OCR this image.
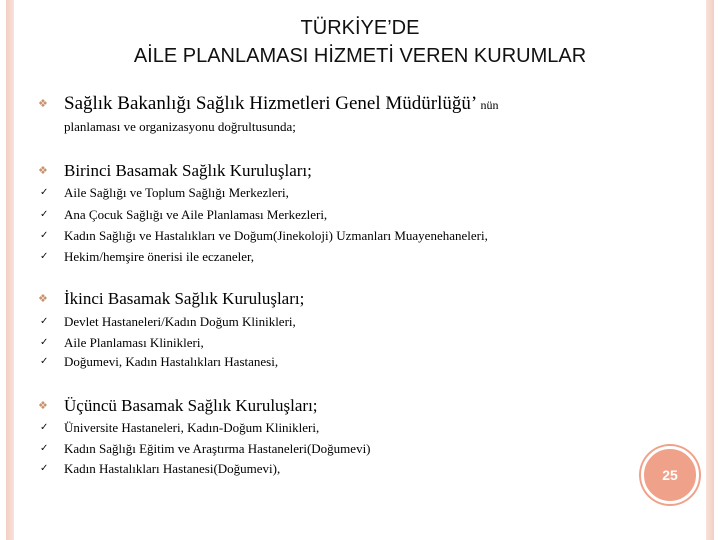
TÜRKİYE’DE
AİLE PLANLAMASI HİZMETİ VEREN KURUMLAR
❖ Sağlık Bakanlığı Sağlık Hizmetleri Genel Müdürlüğü’ nün
planlaması ve organizasyonu doğrultusunda;
❖ Birinci Basamak Sağlık Kuruluşları;
✓ Aile Sağlığı ve Toplum Sağlığı Merkezleri,
✓ Ana Çocuk Sağlığı ve Aile Planlaması Merkezleri,
✓ Kadın Sağlığı ve Hastalıkları ve Doğum(Jinekoloji) Uzmanları Muayenehaneleri,
✓ Hekim/hemşire önerisi ile eczaneler,
❖ İkinci Basamak Sağlık Kuruluşları;
✓ Devlet Hastaneleri/Kadın Doğum Klinikleri,
✓ Aile Planlaması Klinikleri,
✓ Doğumevi, Kadın Hastalıkları Hastanesi,
❖ Üçüncü Basamak Sağlık Kuruluşları;
✓ Üniversite Hastaneleri, Kadın-Doğum Klinikleri,
✓ Kadın Sağlığı Eğitim ve Araştırma Hastaneleri(Doğumevi)
✓ Kadın Hastalıkları Hastanesi(Doğumevi),	25
